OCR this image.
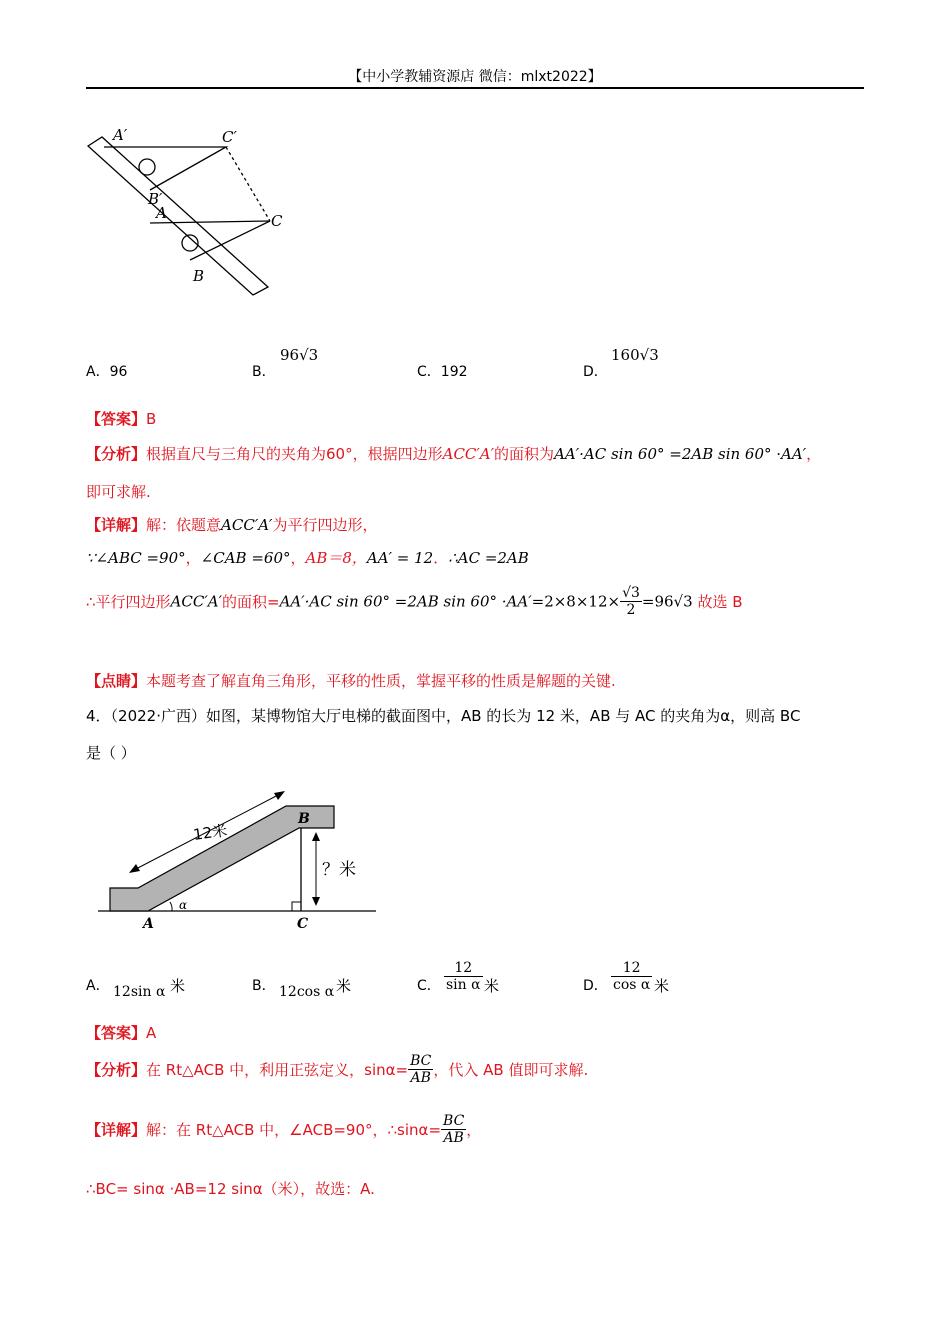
【中小学教辅资源店 微信：mlxt2022】
A′	C′
B′
A	C
B
A．96	B．
96√3
C．192	D．
160√3
【答案】B
【分析】根据直尺与三角尺的夹角为60°，根据四边形ACC′A′的面积为AA′·AC sin 60° =2AB sin 60° ·AA′，
即可求解.
【详解】解：依题意ACC′A′为平行四边形，
∵∠ABC =90°，∠CAB =60°，AB＝8，AA′ = 12．∴AC =2AB
∴平行四边形ACC′A′的面积=AA′·AC sin 60° =2AB $\sin 60^\circ \cdot AA'=2\times 8\times 12\times \frac{√3}{2} =96√3$ 故选 B
【点睛】本题考查了解直角三角形，平移的性质，掌握平移的性质是解题的关键.
4．（2022·广西）如图，某博物馆大厅电梯的截面图中，AB 的长为 12 米，AB 与 AC 的夹角为α，则高 BC
是（ ）
12米
？米
B
A	C
α
A． 12sin α 米	B． 12cos α 米	C． $\frac{12}{\text{sin α}}$ 米	D． $\frac{12}{\text{cos α}}$ 米
【答案】A
【分析】在 Rt△ACB 中，利用正弦定义，$\sin\alpha= \frac{BC}{AB}$ ，代入 AB 值即可求解.
【详解】解：在 Rt△ACB 中，∠ACB=90°，∴sinα= $\frac{BC}{AB}$ ，
∴BC= sinα ·AB=12 sinα（米），故选：A.
